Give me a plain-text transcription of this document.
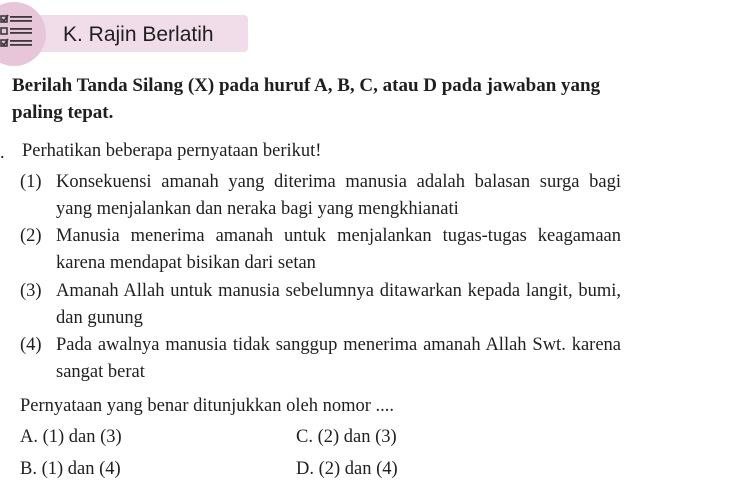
K. Rajin Berlatih
Berilah Tanda Silang (X) pada huruf A, B, C, atau D pada jawaban yang paling tepat.
. Perhatikan beberapa pernyataan berikut!
(1) Konsekuensi amanah yang diterima manusia adalah balasan surga bagi yang menjalankan dan neraka bagi yang mengkhianati
(2) Manusia menerima amanah untuk menjalankan tugas-tugas keagamaan karena mendapat bisikan dari setan
(3) Amanah Allah untuk manusia sebelumnya ditawarkan kepada langit, bumi, dan gunung
(4) Pada awalnya manusia tidak sanggup menerima amanah Allah Swt. karena sangat berat
Pernyataan yang benar ditunjukkan oleh nomor ....
A. (1) dan (3)
B. (1) dan (4)
C. (2) dan (3)
D. (2) dan (4)
